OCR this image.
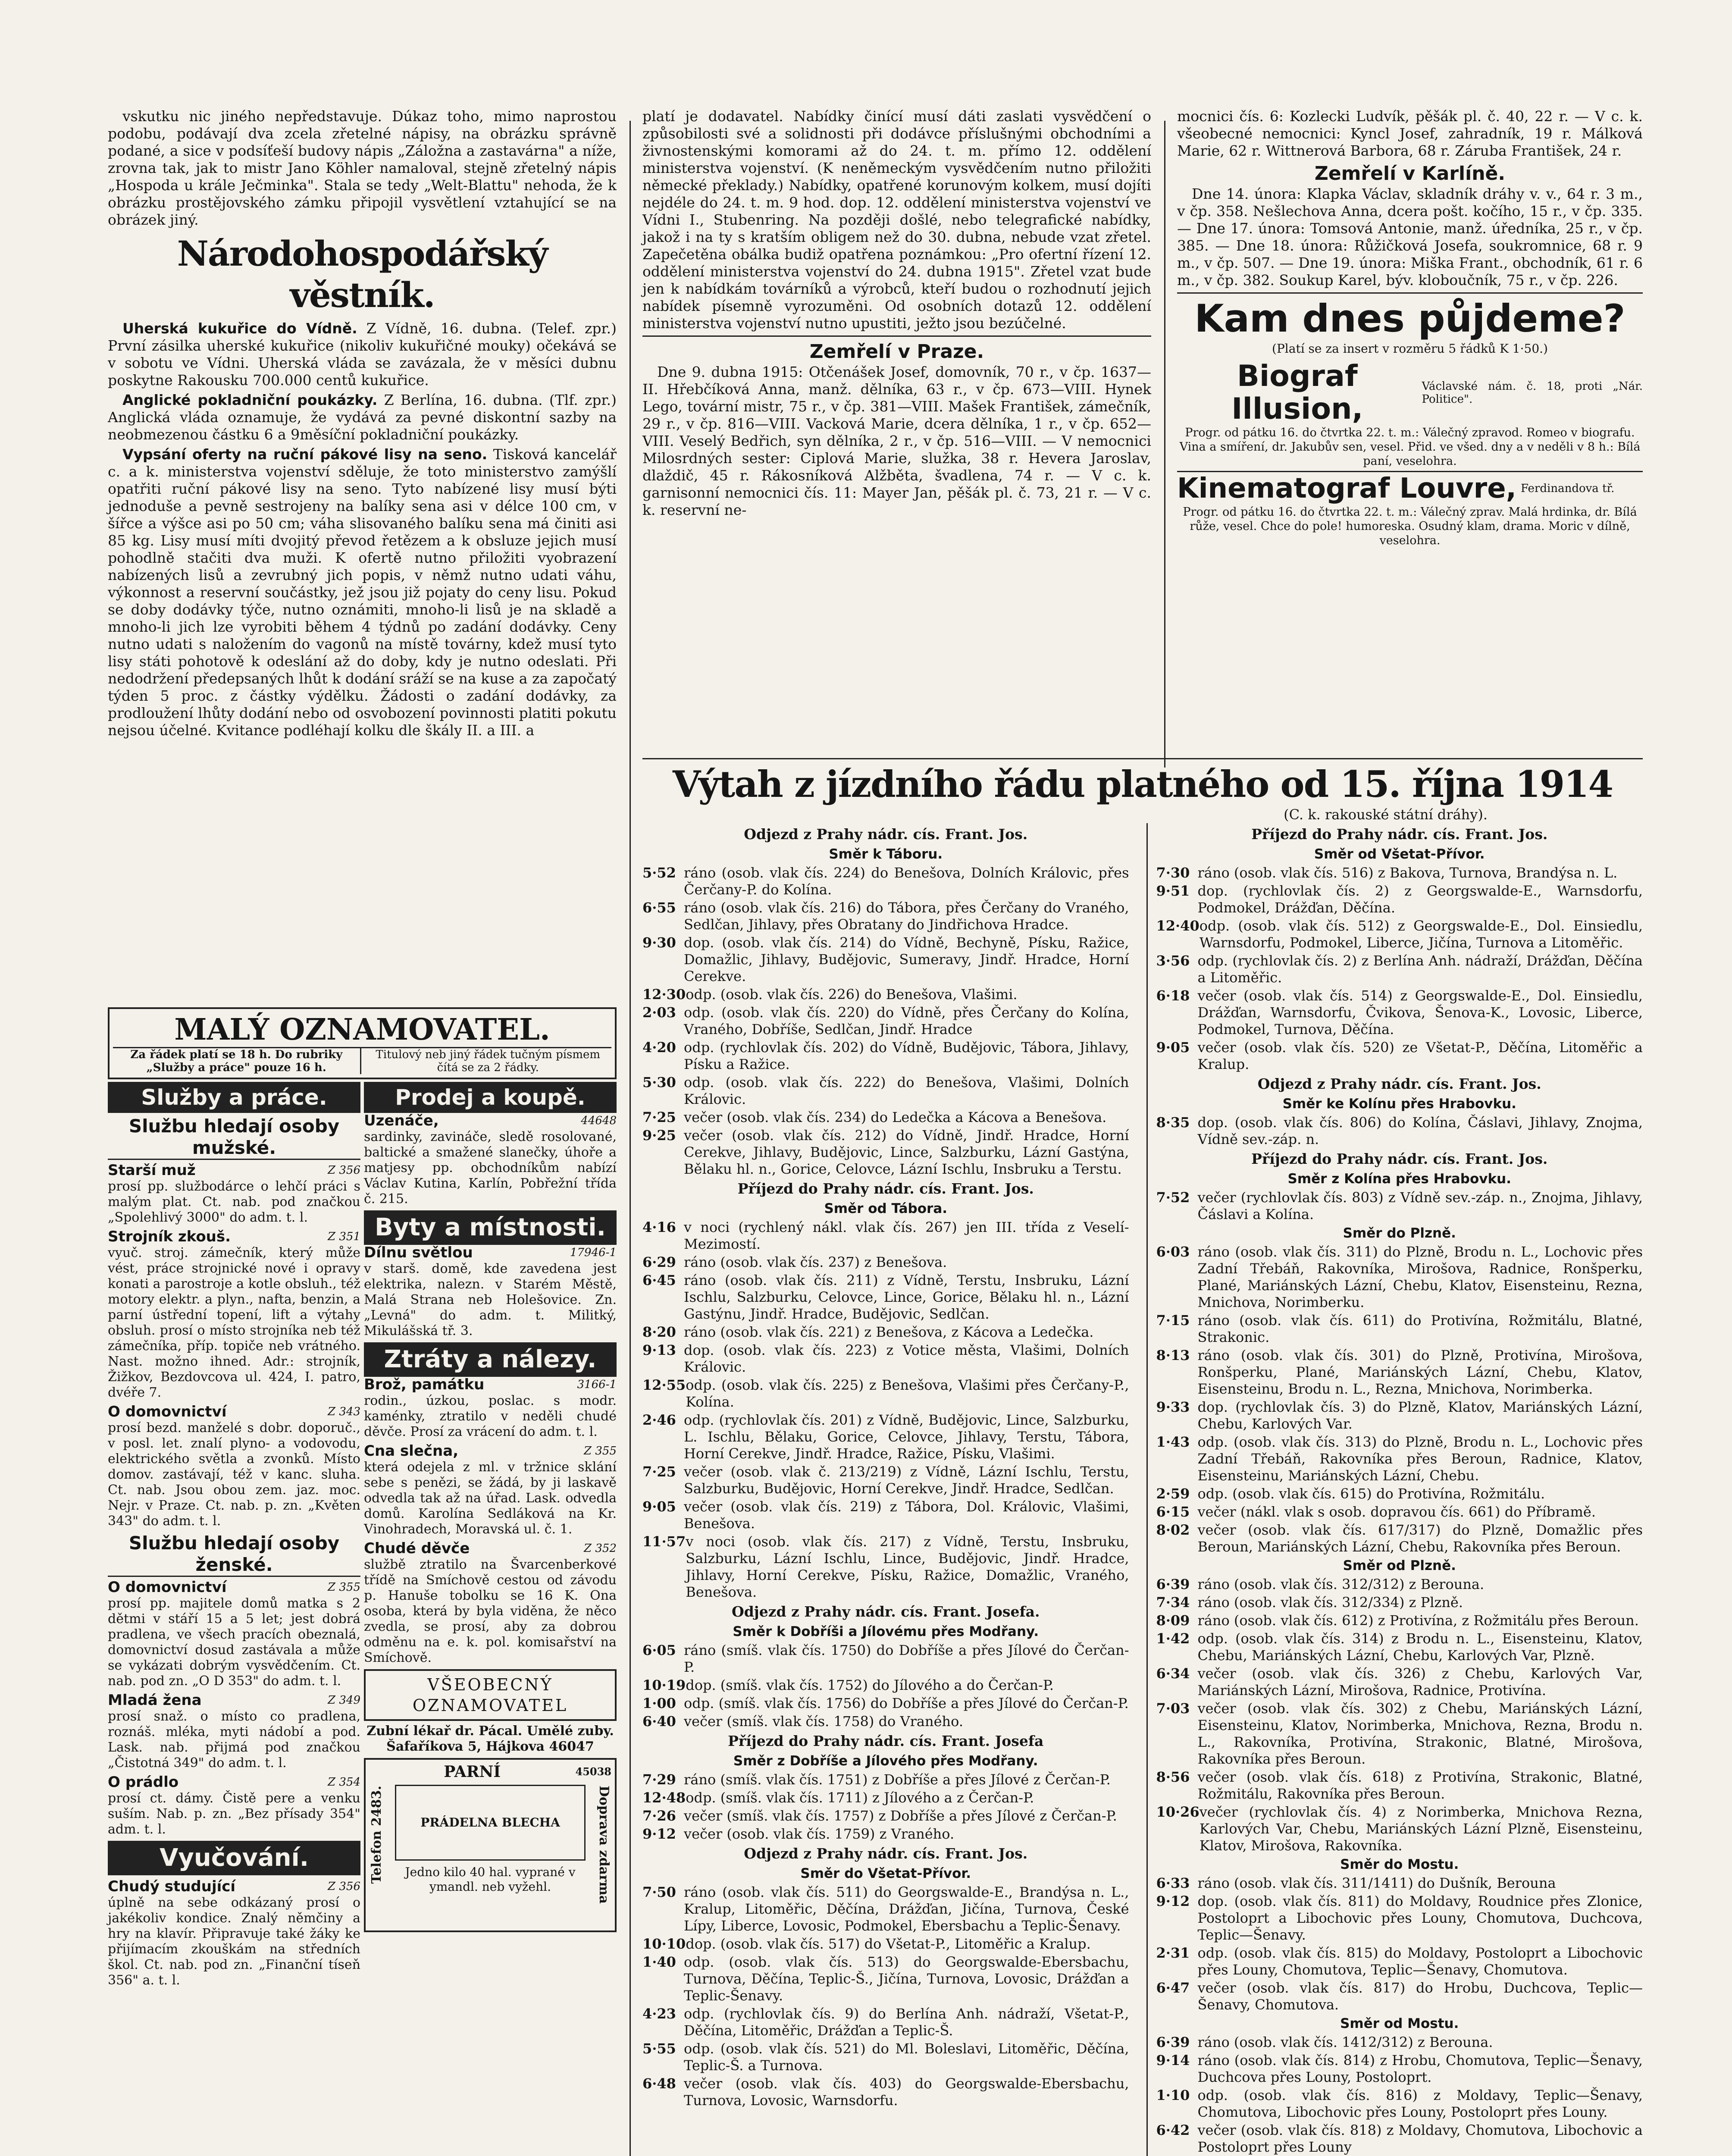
vskutku nic jiného nepředstavuje. Dúkaz toho, mimo naprostou podobu, podávají dva zcela zřetelné nápisy, na obrázku správně podané, a sice v podsíťeší budovy nápis „Záložna a zastavárna" a níže, zrovna tak, jak to mistr Jano Köhler namaloval, stejně zřetelný nápis „Hospoda u krále Ječminka". Stala se tedy „Welt-Blattu" nehoda, že k obrázku prostějovského zámku připojil vysvětlení vztahující se na obrázek jiný.

Národohospodářský věstník.

Uherská kukuřice do Vídně. Z Vídně, 16. dubna. (Telef. zpr.) První zásilka uherské kukuřice (nikoliv kukuřičné mouky) očekává se v sobotu ve Vídni. Uherská vláda se zavázala, že v měsíci dubnu poskytne Rakousku 700.000 centů kukuřice.

Anglické pokladniční poukázky. Z Berlína, 16. dubna. (Tlf. zpr.) Anglická vláda oznamuje, že vydává za pevné diskontní sazby na neobmezenou částku 6 a 9měsíční pokladniční poukázky.

Vypsání oferty na ruční pákové lisy na seno. Tisková kancelář c. a k. ministerstva vojenství sděluje, že toto ministerstvo zamýšlí opatřiti ruční pákové lisy na seno. Tyto nabízené lisy musí býti jednoduše a pevně sestrojeny na balíky sena asi v délce 100 cm, v šířce a výšce asi po 50 cm; váha slisovaného balíku sena má činiti asi 85 kg. Lisy musí míti dvojitý převod řetězem a k obsluze jejich musí pohodlně stačiti dva muži. K ofertě nutno přiložiti vyobrazení nabízených lisů a zevrubný jich popis, v němž nutno udati váhu, výkonnost a reservní součástky, jež jsou již pojaty do ceny lisu. Pokud se doby dodávky týče, nutno oznámiti, mnoho-li lisů je na skladě a mnoho-li jich lze vyrobiti během 4 týdnů po zadání dodávky. Ceny nutno udati s naložením do vagonů na místě továrny, kdež musí tyto lisy státi pohotově k odeslání až do doby, kdy je nutno odeslati. Při nedodržení předepsaných lhůt k dodání sráží se na kuse a za započatý týden 5 proc. z částky výdělku. Žádosti o zadání dodávky, za prodloužení lhůty dodání nebo od osvobození povinnosti platiti pokutu nejsou účelné. Kvitance podléhají kolku dle škály II. a III. a

platí je dodavatel. Nabídky činící musí dáti zaslati vysvědčení o způsobilosti své a solidnosti při dodávce příslušnými obchodními a živnostenskými komorami až do 24. t. m. přímo 12. oddělení ministerstva vojenství. (K neněmeckým vysvědčením nutno přiložiti německé překlady.) Nabídky, opatřené korunovým kolkem, musí dojíti nejdéle do 24. t. m. 9 hod. dop. 12. oddělení ministerstva vojenství ve Vídni I., Stubenring. Na později došlé, nebo telegrafické nabídky, jakož i na ty s kratším obligem než do 30. dubna, nebude vzat zřetel. Zapečetěna obálka budiž opatřena poznámkou: „Pro ofertní řízení 12. oddělení ministerstva vojenství do 24. dubna 1915". Zřetel vzat bude jen k nabídkám továrníků a výrobců, kteří budou o rozhodnutí jejich nabídek písemně vyrozuměni. Od osobních dotazů 12. oddělení ministerstva vojenství nutno upustiti, ježto jsou bezúčelné.

Zemřelí v Praze.

Dne 9. dubna 1915: Otčenášek Josef, domovník, 70 r., v čp. 1637—II. Hřebčíková Anna, manž. dělníka, 63 r., v čp. 673—VIII. Hynek Lego, tovární mistr, 75 r., v čp. 381—VIII. Mašek František, zámečník, 29 r., v čp. 816—VIII. Vacková Marie, dcera dělníka, 1 r., v čp. 652—VIII. Veselý Bedřich, syn dělníka, 2 r., v čp. 516—VIII. — V nemocnici Milosrdných sester: Ciplová Marie, služka, 38 r. Hevera Jaroslav, dlaždič, 45 r. Rákosníková Alžběta, švadlena, 74 r. — V c. k. garnisonní nemocnici čís. 11: Mayer Jan, pěšák pl. č. 73, 21 r. — V c. k. reservní ne-

mocnici čís. 6: Kozlecki Ludvík, pěšák pl. č. 40, 22 r. — V c. k. všeobecné nemocnici: Kyncl Josef, zahradník, 19 r. Málková Marie, 62 r. Wittnerová Barbora, 68 r. Záruba František, 24 r.

Zemřelí v Karlíně.

Dne 14. února: Klapka Václav, skladník dráhy v. v., 64 r. 3 m., v čp. 358. Nešlechova Anna, dcera pošt. kočího, 15 r., v čp. 335. — Dne 17. února: Tomsová Antonie, manž. úředníka, 25 r., v čp. 385. — Dne 18. února: Růžičková Josefa, soukromnice, 68 r. 9 m., v čp. 507. — Dne 19. února: Miška Frant., obchodník, 61 r. 6 m., v čp. 382. Soukup Karel, býv. kloboučník, 75 r., v čp. 226.

Kam dnes půjdeme?
(Platí se za insert v rozměru 5 řádků K 1·50.)
Biograf Illusion,
Václavské nám. č. 18, proti „Nár. Politice".
Progr. od pátku 16. do čtvrtka 22. t. m.: Válečný zpravod. Romeo v biografu. Vina a smíření, dr. Jakubův sen, vesel. Přid. ve všed. dny a v neděli v 8 h.: Bílá paní, veselohra.
Kinematograf Louvre, Ferdinandova tř.
Progr. od pátku 16. do čtvrtka 22. t. m.: Válečný zprav. Malá hrdinka, dr. Bílá růže, vesel. Chce do pole! humoreska. Osudný klam, drama. Moric v dílně, veselohra.
MALÝ OZNAMOVATEL.
Za řádek platí se 18 h. Do rubriky „Služby a práce" pouze 16 h.
Titulový neb jiný řádek tučným písmem čítá se za 2 řádky.
Služby a práce.
Službu hledají osoby mužské.
Z 356
Starší muž
prosí pp. službodárce o lehčí práci s malým plat. Ct. nab. pod značkou „Spolehlivý 3000" do adm. t. l.
Z 351
Strojník zkouš.
vyuč. stroj. zámečník, který může vést, práce strojnické nové i opravy konati a parostroje a kotle obsluh., též motory elektr. a plyn., nafta, benzin, a parní ústřední topení, lift a výtahy obsluh. prosí o místo strojníka neb též zámečníka, příp. topiče neb vrátného. Nast. možno ihned. Adr.: strojník, Žižkov, Bezdovcova ul. 424, I. patro, dvéře 7.
Z 343
O domovnictví
prosí bezd. manželé s dobr. doporuč., v posl. let. znalí plyno- a vodovodu, elektrického světla a zvonků. Místo domov. zastávají, též v kanc. sluha. Ct. nab. Jsou obou zem. jaz. moc. Nejr. v Praze. Ct. nab. p. zn. „Květen 343" do adm. t. l.
Službu hledají osoby ženské.
Z 355
O domovnictví
prosí pp. majitele domů matka s 2 dětmi v stáří 15 a 5 let; jest dobrá pradlena, ve všech pracích obeznalá, domovnictví dosud zastávala a může se vykázati dobrým vysvědčením. Ct. nab. pod zn. „O D 353" do adm. t. l.
Z 349
Mladá žena
prosí snaž. o místo co pradlena, roznáš. mléka, myti nádobí a pod. Lask. nab. přijmá pod značkou „Čistotná 349" do adm. t. l.
Z 354
O prádlo
prosí ct. dámy. Čistě pere a venku suším. Nab. p. zn. „Bez přísady 354" adm. t. l.
Vyučování.
Z 356
Chudý studující
úplně na sebe odkázaný prosí o jakékoliv kondice. Znalý němčiny a hry na klavír. Připravuje také žáky ke přijímacím zkouškám na středních škol. Ct. nab. pod zn. „Finanční tíseň 356" a. t. l.
Prodej a koupě.
44648
Uzenáče,
sardinky, zavináče, sledě rosolované, baltické a smažené slanečky, úhoře a matjesy pp. obchodníkům nabízí Václav Kutina, Karlín, Pobřežní třída č. 215.
Byty a místnosti.
17946-1
Dílnu světlou
v starš. domě, kde zavedena jest elektrika, nalezn. v Starém Městě, Malá Strana neb Holešovice. Zn. „Levná" do adm. t. Militký, Mikulášská tř. 3.
Ztráty a nálezy.
3166-1
Brož, památku
rodin., úzkou, poslac. s modr. kaménky, ztratilo v neděli chudé děvče. Prosí za vrácení do adm. t. l.
Z 355
Cna slečna,
která odejela z ml. v tržnice sklání sebe s penězi, se žádá, by ji laskavě odvedla tak až na úřad. Lask. odvedla domů. Karolína Sedláková na Kr. Vinohradech, Moravská ul. č. 1.
Z 352
Chudé děvče
službě ztratilo na Švarcenberkové třídě na Smíchově cestou od závodu p. Hanuše tobolku se 16 K. Ona osoba, která by byla viděna, že něco zvedla, se prosí, aby za dobrou odměnu na e. k. pol. komisařství na Smíchově.
VŠEOBECNÝ OZNAMOVATEL
Zubní lékař dr. Pácal. Umělé zuby. Šafaříkova 5, Hájkova 46047
PARNÍ	45038
Telefon 2483.	Doprava zdarma
PRÁDELNA BLECHA
Jedno kilo 40 hal. vyprané v ymandl. neb vyžehl.
Výtah z jízdního řádu platného od 15. října 1914
(C. k. rakouské státní dráhy).
Odjezd z Prahy nádr. cís. Frant. Jos.
Směr k Táboru.
5·52 ráno (osob. vlak čís. 224) do Benešova, Dolních Královic, přes Čerčany-P. do Kolína.
6·55 ráno (osob. vlak čís. 216) do Tábora, přes Čerčany do Vraného, Sedlčan, Jihlavy, přes Obratany do Jindřichova Hradce.
9·30 dop. (osob. vlak čís. 214) do Vídně, Bechyně, Písku, Ražice, Domažlic, Jihlavy, Budějovic, Sumeravy, Jindř. Hradce, Horní Cerekve.
12·30 odp. (osob. vlak čís. 226) do Benešova, Vlašimi.
2·03 odp. (osob. vlak čís. 220) do Vídně, přes Čerčany do Kolína, Vraného, Dobříše, Sedlčan, Jindř. Hradce
4·20 odp. (rychlovlak čís. 202) do Vídně, Budějovic, Tábora, Jihlavy, Písku a Ražice.
5·30 odp. (osob. vlak čís. 222) do Benešova, Vlašimi, Dolních Královic.
7·25 večer (osob. vlak čís. 234) do Ledečka a Kácova a Benešova.
9·25 večer (osob. vlak čís. 212) do Vídně, Jindř. Hradce, Horní Cerekve, Jihlavy, Budějovic, Lince, Salzburku, Lázní Gastýna, Bělaku hl. n., Gorice, Celovce, Lázní Ischlu, Insbruku a Terstu.
Příjezd do Prahy nádr. cís. Frant. Jos.
Směr od Tábora.
4·16 v noci (rychlený nákl. vlak čís. 267) jen III. třída z Veselí-Mezimostí.
6·29 ráno (osob. vlak čís. 237) z Benešova.
6·45 ráno (osob. vlak čís. 211) z Vídně, Terstu, Insbruku, Lázní Ischlu, Salzburku, Celovce, Lince, Gorice, Bělaku hl. n., Lázní Gastýnu, Jindř. Hradce, Budějovic, Sedlčan.
8·20 ráno (osob. vlak čís. 221) z Benešova, z Kácova a Ledečka.
9·13 dop. (osob. vlak čís. 223) z Votice města, Vlašimi, Dolních Královic.
12·55 odp. (osob. vlak čís. 225) z Benešova, Vlašimi přes Čerčany-P., Kolína.
2·46 odp. (rychlovlak čís. 201) z Vídně, Budějovic, Lince, Salzburku, L. Ischlu, Bělaku, Gorice, Celovce, Jihlavy, Terstu, Tábora, Horní Cerekve, Jindř. Hradce, Ražice, Písku, Vlašimi.
7·25 večer (osob. vlak č. 213/219) z Vídně, Lázní Ischlu, Terstu, Salzburku, Budějovic, Horní Cerekve, Jindř. Hradce, Sedlčan.
9·05 večer (osob. vlak čís. 219) z Tábora, Dol. Královic, Vlašimi, Benešova.
11·57 v noci (osob. vlak čís. 217) z Vídně, Terstu, Insbruku, Salzburku, Lázní Ischlu, Lince, Budějovic, Jindř. Hradce, Jihlavy, Horní Cerekve, Písku, Ražice, Domažlic, Vraného, Benešova.
Odjezd z Prahy nádr. cís. Frant. Josefa.
Směr k Dobříši a Jílovému přes Modřany.
6·05 ráno (smíš. vlak čís. 1750) do Dobříše a přes Jílové do Čerčan-P.
10·19 dop. (smíš. vlak čís. 1752) do Jílového a do Čerčan-P.
1·00 odp. (smíš. vlak čís. 1756) do Dobříše a přes Jílové do Čerčan-P.
6·40 večer (smíš. vlak čís. 1758) do Vraného.
Příjezd do Prahy nádr. cís. Frant. Josefa
Směr z Dobříše a Jílového přes Modřany.
7·29 ráno (smíš. vlak čís. 1751) z Dobříše a přes Jílové z Čerčan-P.
12·48 odp. (smíš. vlak čís. 1711) z Jílového a z Čerčan-P.
7·26 večer (smíš. vlak čís. 1757) z Dobříše a přes Jílové z Čerčan-P.
9·12 večer (osob. vlak čís. 1759) z Vraného.
Odjezd z Prahy nádr. cís. Frant. Jos.
Směr do Všetat-Přívor.
7·50 ráno (osob. vlak čís. 511) do Georgswalde-E., Brandýsa n. L., Kralup, Litoměřic, Děčína, Drážďan, Jičína, Turnova, České Lípy, Liberce, Lovosic, Podmokel, Ebersbachu a Teplic-Šenavy.
10·10 dop. (osob. vlak čís. 517) do Všetat-P., Litoměřic a Kralup.
1·40 odp. (osob. vlak čís. 513) do Georgswalde-Ebersbachu, Turnova, Děčína, Teplic-Š., Jičína, Turnova, Lovosic, Drážďan a Teplic-Šenavy.
4·23 odp. (rychlovlak čís. 9) do Berlína Anh. nádraží, Všetat-P., Děčína, Litoměřic, Drážďan a Teplic-Š.
5·55 odp. (osob. vlak čís. 521) do Ml. Boleslavi, Litoměřic, Děčína, Teplic-Š. a Turnova.
6·48 večer (osob. vlak čís. 403) do Georgswalde-Ebersbachu, Turnova, Lovosic, Warnsdorfu.
Příjezd do Prahy nádr. cís. Frant. Jos.
Směr od Všetat-Přívor.
7·30 ráno (osob. vlak čís. 516) z Bakova, Turnova, Brandýsa n. L.
9·51 dop. (rychlovlak čís. 2) z Georgswalde-E., Warnsdorfu, Podmokel, Drážďan, Děčína.
12·40 odp. (osob. vlak čís. 512) z Georgswalde-E., Dol. Einsiedlu, Warnsdorfu, Podmokel, Liberce, Jičína, Turnova a Litoměřic.
3·56 odp. (rychlovlak čís. 2) z Berlína Anh. nádraží, Drážďan, Děčína a Litoměřic.
6·18 večer (osob. vlak čís. 514) z Georgswalde-E., Dol. Einsiedlu, Drážďan, Warnsdorfu, Čvikova, Šenova-K., Lovosic, Liberce, Podmokel, Turnova, Děčína.
9·05 večer (osob. vlak čís. 520) ze Všetat-P., Děčína, Litoměřic a Kralup.
Odjezd z Prahy nádr. cís. Frant. Jos.
Směr ke Kolínu přes Hrabovku.
8·35 dop. (osob. vlak čís. 806) do Kolína, Čáslavi, Jihlavy, Znojma, Vídně sev.-záp. n.
Příjezd do Prahy nádr. cís. Frant. Jos.
Směr z Kolína přes Hrabovku.
7·52 večer (rychlovlak čís. 803) z Vídně sev.-záp. n., Znojma, Jihlavy, Čáslavi a Kolína.
Směr do Plzně.
6·03 ráno (osob. vlak čís. 311) do Plzně, Brodu n. L., Lochovic přes Zadní Třebáň, Rakovníka, Mirošova, Radnice, Ronšperku, Plané, Mariánských Lázní, Chebu, Klatov, Eisensteinu, Rezna, Mnichova, Norimberku.
7·15 ráno (osob. vlak čís. 611) do Protivína, Rožmitálu, Blatné, Strakonic.
8·13 ráno (osob. vlak čís. 301) do Plzně, Protivína, Mirošova, Ronšperku, Plané, Mariánských Lázní, Chebu, Klatov, Eisensteinu, Brodu n. L., Rezna, Mnichova, Norimberka.
9·33 dop. (rychlovlak čís. 3) do Plzně, Klatov, Mariánských Lázní, Chebu, Karlových Var.
1·43 odp. (osob. vlak čís. 313) do Plzně, Brodu n. L., Lochovic přes Zadní Třebáň, Rakovníka přes Beroun, Radnice, Klatov, Eisensteinu, Mariánských Lázní, Chebu.
2·59 odp. (osob. vlak čís. 615) do Protivína, Rožmitálu.
6·15 večer (nákl. vlak s osob. dopravou čís. 661) do Příbramě.
8·02 večer (osob. vlak čís. 617/317) do Plzně, Domažlic přes Beroun, Mariánských Lázní, Chebu, Rakovníka přes Beroun.
Směr od Plzně.
6·39 ráno (osob. vlak čís. 312/312) z Berouna.
7·34 ráno (osob. vlak čís. 312/334) z Plzně.
8·09 ráno (osob. vlak čís. 612) z Protivína, z Rožmitálu přes Beroun.
1·42 odp. (osob. vlak čís. 314) z Brodu n. L., Eisensteinu, Klatov, Chebu, Mariánských Lázní, Chebu, Karlových Var, Plzně.
6·34 večer (osob. vlak čís. 326) z Chebu, Karlových Var, Mariánských Lázní, Mirošova, Radnice, Protivína.
7·03 večer (osob. vlak čís. 302) z Chebu, Mariánských Lázní, Eisensteinu, Klatov, Norimberka, Mnichova, Rezna, Brodu n. L., Rakovníka, Protivína, Strakonic, Blatné, Mirošova, Rakovníka přes Beroun.
8·56 večer (osob. vlak čís. 618) z Protivína, Strakonic, Blatné, Rožmitálu, Rakovníka přes Beroun.
10·26 večer (rychlovlak čís. 4) z Norimberka, Mnichova Rezna, Karlových Var, Chebu, Mariánských Lázní Plzně, Eisensteinu, Klatov, Mirošova, Rakovníka.
Směr do Mostu.
6·33 ráno (osob. vlak čís. 311/1411) do Dušník, Berouna
9·12 dop. (osob. vlak čís. 811) do Moldavy, Roudnice přes Zlonice, Postoloprt a Libochovic přes Louny, Chomutova, Duchcova, Teplic—Šenavy.
2·31 odp. (osob. vlak čís. 815) do Moldavy, Postoloprt a Libochovic přes Louny, Chomutova, Teplic—Šenavy, Chomutova.
6·47 večer (osob. vlak čís. 817) do Hrobu, Duchcova, Teplic—Šenavy, Chomutova.
Směr od Mostu.
6·39 ráno (osob. vlak čís. 1412/312) z Berouna.
9·14 ráno (osob. vlak čís. 814) z Hrobu, Chomutova, Teplic—Šenavy, Duchcova přes Louny, Postoloprt.
1·10 odp. (osob. vlak čís. 816) z Moldavy, Teplic—Šenavy, Chomutova, Libochovic přes Louny, Postoloprt přes Louny.
6·42 večer (osob. vlak čís. 818) z Moldavy, Chomutova, Libochovic a Postoloprt přes Louny
